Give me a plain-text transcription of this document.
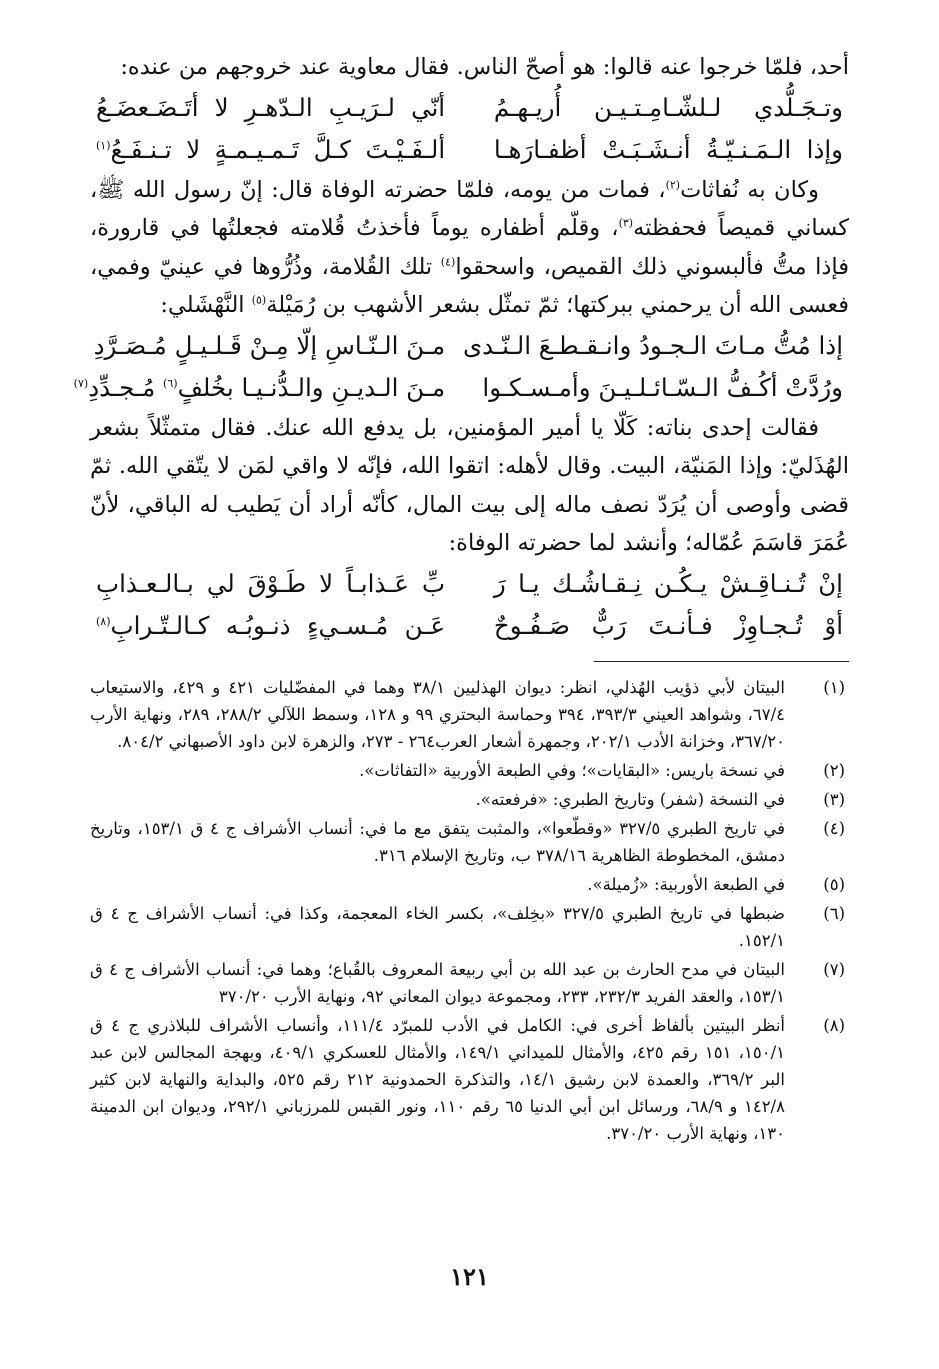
أحد، فلمّا خرجوا عنه قالوا: هو أصحّ الناس. فقال معاوية عند خروجهم من عنده:

وتـجَـلُّدي لـلشّـامِـتـيـن أُريـهـمُ
أنّي لـرَيـبِ الـدّهـرِ لا أتَـضَـعضَـعُ
وإذا الـمَـنـيّـةُ أنـشَـبَـتْ أظفـارَهـا
ألـفَـيْـتَ كـلَّ تَـمـيـمـةٍ لا تـنـفَـعُ$^{(١)}$

وكان به نُفاثات$^{(٢)}$، فمات من يومه، فلمّا حضرته الوفاة قال: إنّ رسول الله ﷺ، كساني قميصاً فحفظته$^{(٣)}$، وقلّم أظفاره يوماً فأخذتُ قُلامته فجعلتُها في قارورة، فإذا متُّ فألبسوني ذلك القميص، واسحقوا$^{(٤)}$ تلك القُلامة، وذُرُّوها في عينيّ وفمي، فعسى الله أن يرحمني ببركتها؛ ثمّ تمثّل بشعر الأشهب بن رُمَيْلة$^{(٥)}$ النَّهْشَلي:

إذا مُتُّ مـاتَ الـجـودُ وانـقـطـعَ الـنّـدى
مـنَ الـنّـاسِ إلّا مِـنْ قَـلـيـلٍ مُـصَـرَّدِ
ورُدَّتْ أكُـفُّ الـسّـائـلـيـنَ وأمـسـكـوا
مـنَ الـديـنِ والـدُّنـيـا بخُلفٍ$^{(٦)}$ مُـجـدِّدِ$^{(٧)}$

فقالت إحدى بناته: كَلّا يا أمير المؤمنين، بل يدفع الله عنك. فقال متمثّلاً بشعر الهُذَليّ: وإذا المَنيّة، البيت. وقال لأهله: اتقوا الله، فإنّه لا واقي لمَن لا يتّقي الله. ثمّ قضى وأوصى أن يُرَدّ نصف ماله إلى بيت المال، كأنّه أراد أن يَطيب له الباقي، لأنّ عُمَرَ قاسَمَ عُمّاله؛ وأنشد لما حضرته الوفاة:

إنْ تُـنـاقِـشْ يـكُـن نِـقـاشُـك يـا رَ
بِّ عَـذابـاً لا طَـوْقَ لي بـالـعـذابِ
أوْ تُـجـاوِزْ فـأنـتَ رَبٌّ صَـفُـوحٌ
عَـن مُـسـيءٍ ذنـوبُـه كـالـتّـرابِ$^{(٨)}$
(١)
البيتان لأبي ذؤيب الهُذلي، انظر: ديوان الهذليين ٣٨/١ وهما في المفضّليات ٤٢١ و ٤٢٩، والاستيعاب ٦٧/٤، وشواهد العيني ٣٩٣/٣، ٣٩٤ وحماسة البحتري ٩٩ و ١٢٨، وسمط اللآلي ٢٨٨/٢، ٢٨٩، ونهاية الأرب ٣٦٧/٢٠، وخزانة الأدب ٢٠٢/١، وجمهرة أشعار العرب٢٦٤ - ٢٧٣، والزهرة لابن داود الأصبهاني ٨٠٤/٢.
(٢)
في نسخة باريس: «البقايات»؛ وفي الطبعة الأوربية «التفاثات».
(٣)
في النسخة (شفر) وتاريخ الطبري: «فرفعته».
(٤)
في تاريخ الطبري ٣٢٧/٥ «وقطّعوا»، والمثبت يتفق مع ما في: أنساب الأشراف ج ٤ ق ١٥٣/١، وتاريخ دمشق، المخطوطة الظاهرية ٣٧٨/١٦ ب، وتاريخ الإسلام ٣١٦.
(٥)
في الطبعة الأوربية: «زُميلة».
(٦)
ضبطها في تاريخ الطبري ٣٢٧/٥ «بخِلف»، بكسر الخاء المعجمة، وكذا في: أنساب الأشراف ج ٤ ق ١٥٢/١.
(٧)
البيتان في مدح الحارث بن عبد الله بن أبي ربيعة المعروف بالقُباع؛ وهما في: أنساب الأشراف ج ٤ ق ١٥٣/١، والعقد الفريد ٢٣٢/٣، ٢٣٣، ومجموعة ديوان المعاني ٩٢، ونهاية الأرب ٣٧٠/٢٠
(٨)
أنظر البيتين بألفاظ أخرى في: الكامل في الأدب للمبرّد ١١١/٤، وأنساب الأشراف للبلاذري ج ٤ ق ١٥٠/١، ١٥١ رقم ٤٢٥، والأمثال للميداني ١٤٩/١، والأمثال للعسكري ٤٠٩/١، وبهجة المجالس لابن عبد البر ٣٦٩/٢، والعمدة لابن رشيق ١٤/١، والتذكرة الحمدونية ٢١٢ رقم ٥٢٥، والبداية والنهاية لابن كثير ١٤٢/٨ و ٦٨/٩، ورسائل ابن أبي الدنيا ٦٥ رقم ١١٠، ونور القبس للمرزباني ٢٩٢/١، وديوان ابن الدمينة ١٣٠، ونهاية الأرب ٣٧٠/٢٠.
١٢١
